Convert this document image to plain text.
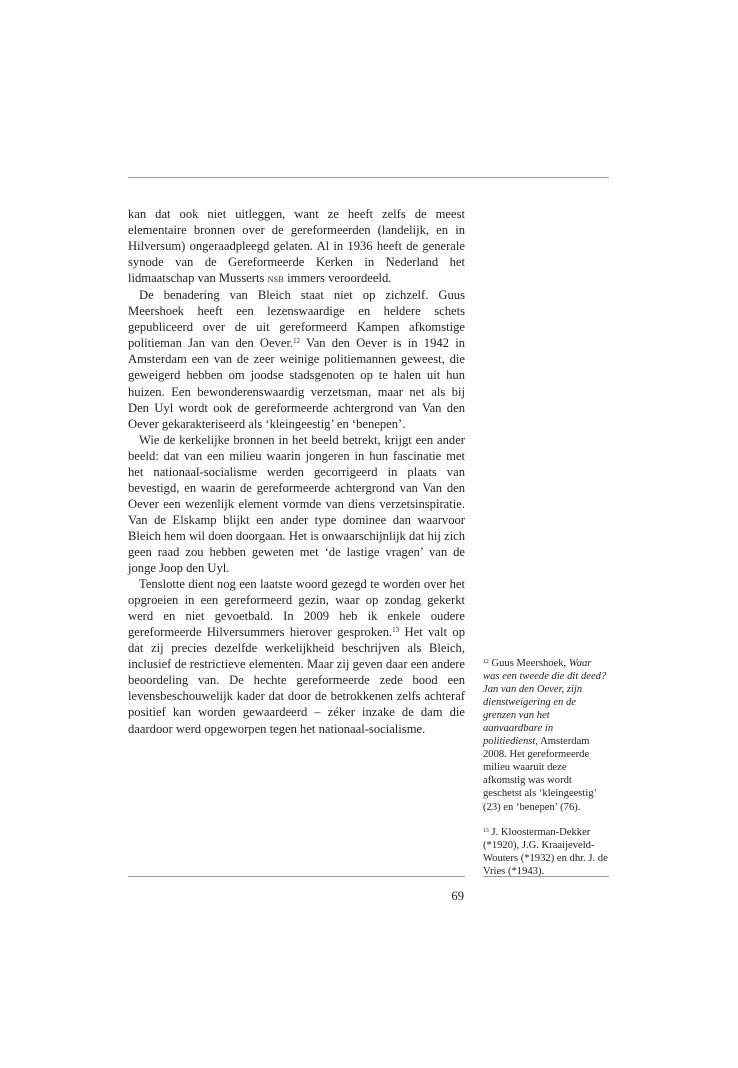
kan dat ook niet uitleggen, want ze heeft zelfs de meest elementaire bronnen over de gereformeerden (landelijk, en in Hilversum) ongeraadpleegd gelaten. Al in 1936 heeft de generale synode van de Gereformeerde Kerken in Nederland het lidmaatschap van Musserts nsb immers veroordeeld.

De benadering van Bleich staat niet op zichzelf. Guus Meershoek heeft een lezenswaardige en heldere schets gepubliceerd over de uit gereformeerd Kampen afkomstige politieman Jan van den Oever.$^{12}$ Van den Oever is in 1942 in Amsterdam een van de zeer weinige politiemannen geweest, die geweigerd hebben om joodse stadsgenoten op te halen uit hun huizen. Een bewonderenswaardig verzetsman, maar net als bij Den Uyl wordt ook de gereformeerde achtergrond van Van den Oever gekarakteriseerd als ‘kleingeestig’ en ‘benepen’.

Wie de kerkelijke bronnen in het beeld betrekt, krijgt een ander beeld: dat van een milieu waarin jongeren in hun fascinatie met het nationaal-socialisme werden gecorrigeerd in plaats van bevestigd, en waarin de gereformeerde achtergrond van Van den Oever een wezenlijk element vormde van diens verzetsinspiratie. Van de Elskamp blijkt een ander type dominee dan waarvoor Bleich hem wil doen doorgaan. Het is onwaarschijnlijk dat hij zich geen raad zou hebben geweten met ‘de lastige vragen’ van de jonge Joop den Uyl.

Tenslotte dient nog een laatste woord gezegd te worden over het opgroeien in een gereformeerd gezin, waar op zondag gekerkt werd en niet gevoetbald. In 2009 heb ik enkele oudere gereformeerde Hilversummers hierover gesproken.$^{13}$ Het valt op dat zij precies dezelfde werkelijkheid beschrijven als Bleich, inclusief de restrictieve elementen. Maar zij geven daar een andere beoordeling van. De hechte gereformeerde zede bood een levensbeschouwelijk kader dat door de betrokkenen zelfs achteraf positief kan worden gewaardeerd – zéker inzake de dam die daardoor werd opgeworpen tegen het nationaal-socialisme.

$^{12}$ Guus Meershoek, Waar was een tweede die dit deed? Jan van den Oever, zijn dienstweigering en de grenzen van het aanvaardbare in politiedienst, Amsterdam 2008. Het gereformeerde milieu waaruit deze afkomstig was wordt geschetst als ‘kleingeestig’ (23) en ‘benepen’ (76).

$^{13}$ J. Kloosterman-Dekker (*1920), J.G. Kraaijeveld-Wouters (*1932) en dhr. J. de Vries (*1943).

69
